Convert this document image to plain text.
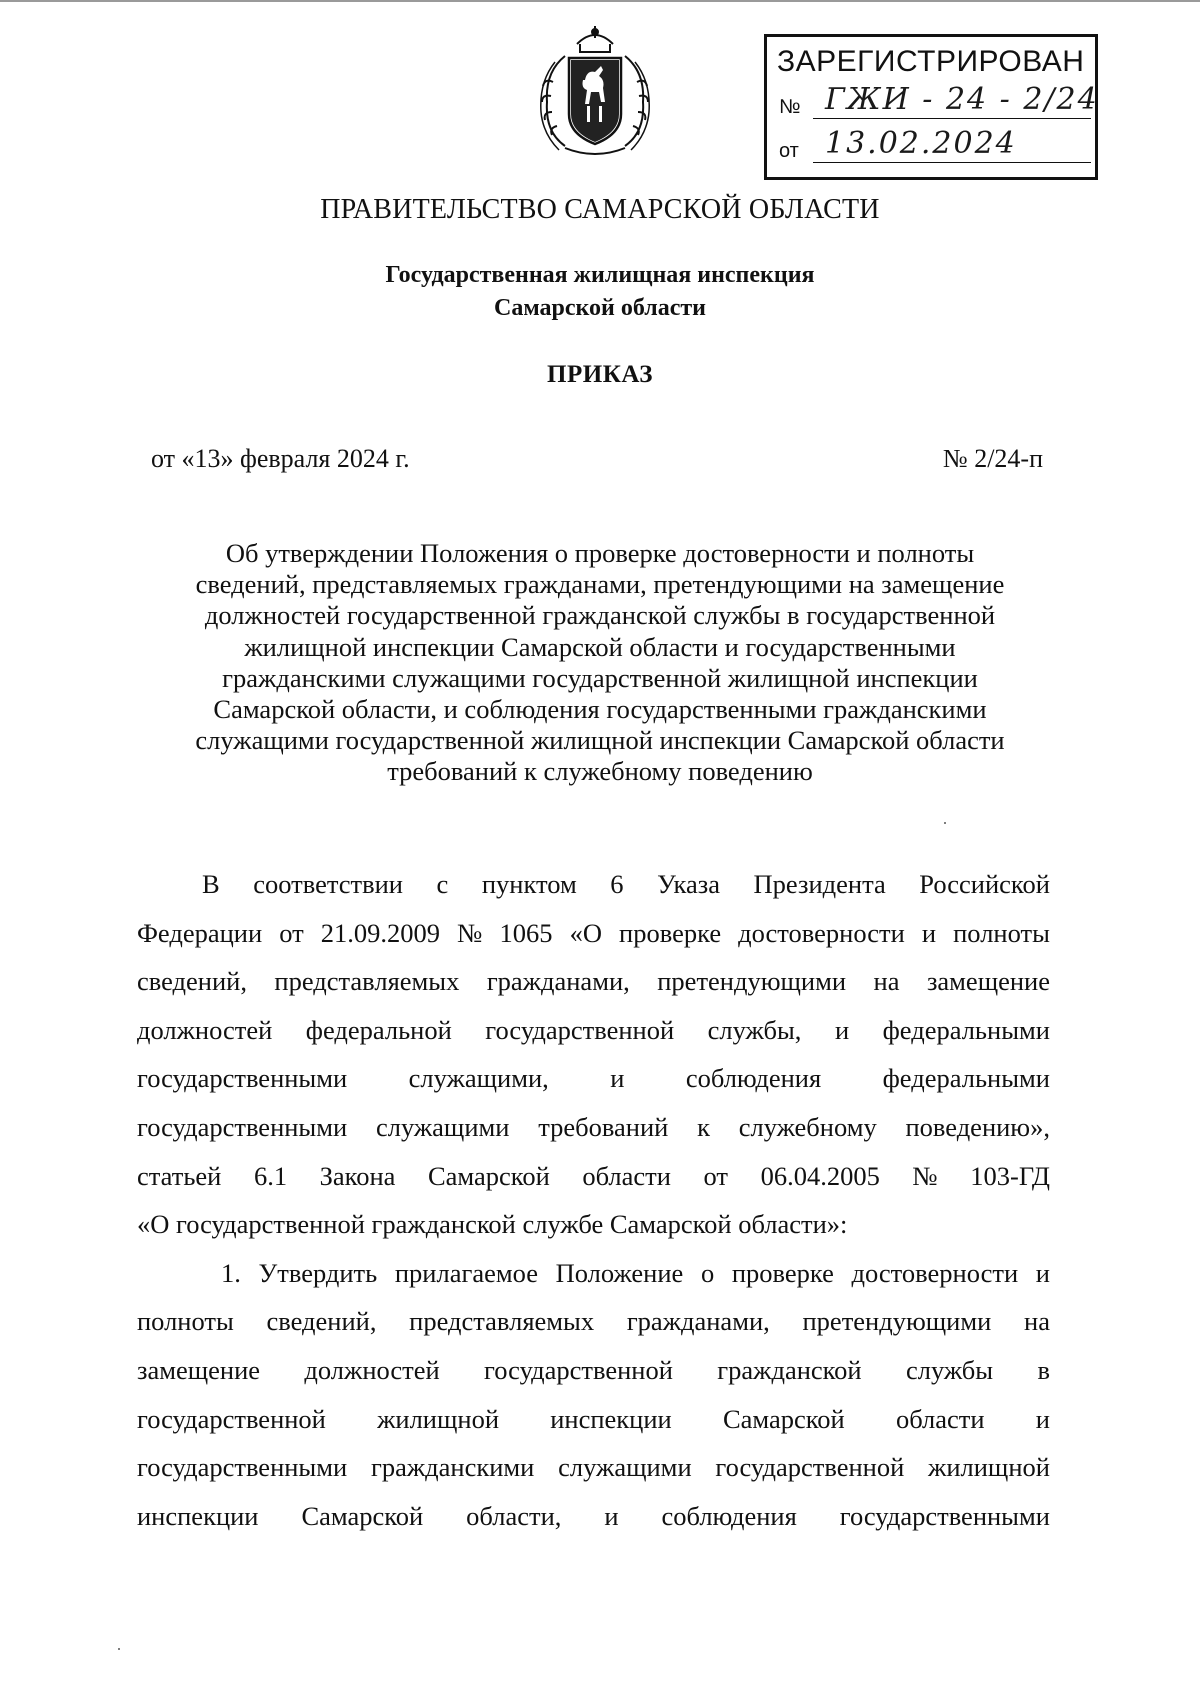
ЗАРЕГИСТРИРОВАН
№ ГЖИ - 24 - 2/24
от 13.02.2024
ПРАВИТЕЛЬСТВО САМАРСКОЙ ОБЛАСТИ
Государственная жилищная инспекция
Самарской области
ПРИКАЗ
от «13» февраля 2024 г.	№ 2/24-п
Об утверждении Положения о проверке достоверности и полноты
сведений, представляемых гражданами, претендующими на замещение
должностей государственной гражданской службы в государственной
жилищной инспекции Самарской области и государственными
гражданскими служащими государственной жилищной инспекции
Самарской области, и соблюдения государственными гражданскими
служащими государственной жилищной инспекции Самарской области
требований к служебному поведению
В соответствии с пунктом 6 Указа Президента Российской
Федерации от 21.09.2009 № 1065 «О проверке достоверности и полноты
сведений, представляемых гражданами, претендующими на замещение
должностей федеральной государственной службы, и федеральными
государственными служащими, и соблюдения федеральными
государственными служащими требований к служебному поведению»,
статьей 6.1 Закона Самарской области от 06.04.2005 № 103-ГД
«О государственной гражданской службе Самарской области»:
1. Утвердить прилагаемое Положение о проверке достоверности и
полноты сведений, представляемых гражданами, претендующими на
замещение должностей государственной гражданской службы в
государственной жилищной инспекции Самарской области и
государственными гражданскими служащими государственной жилищной
инспекции Самарской области, и соблюдения государственными
